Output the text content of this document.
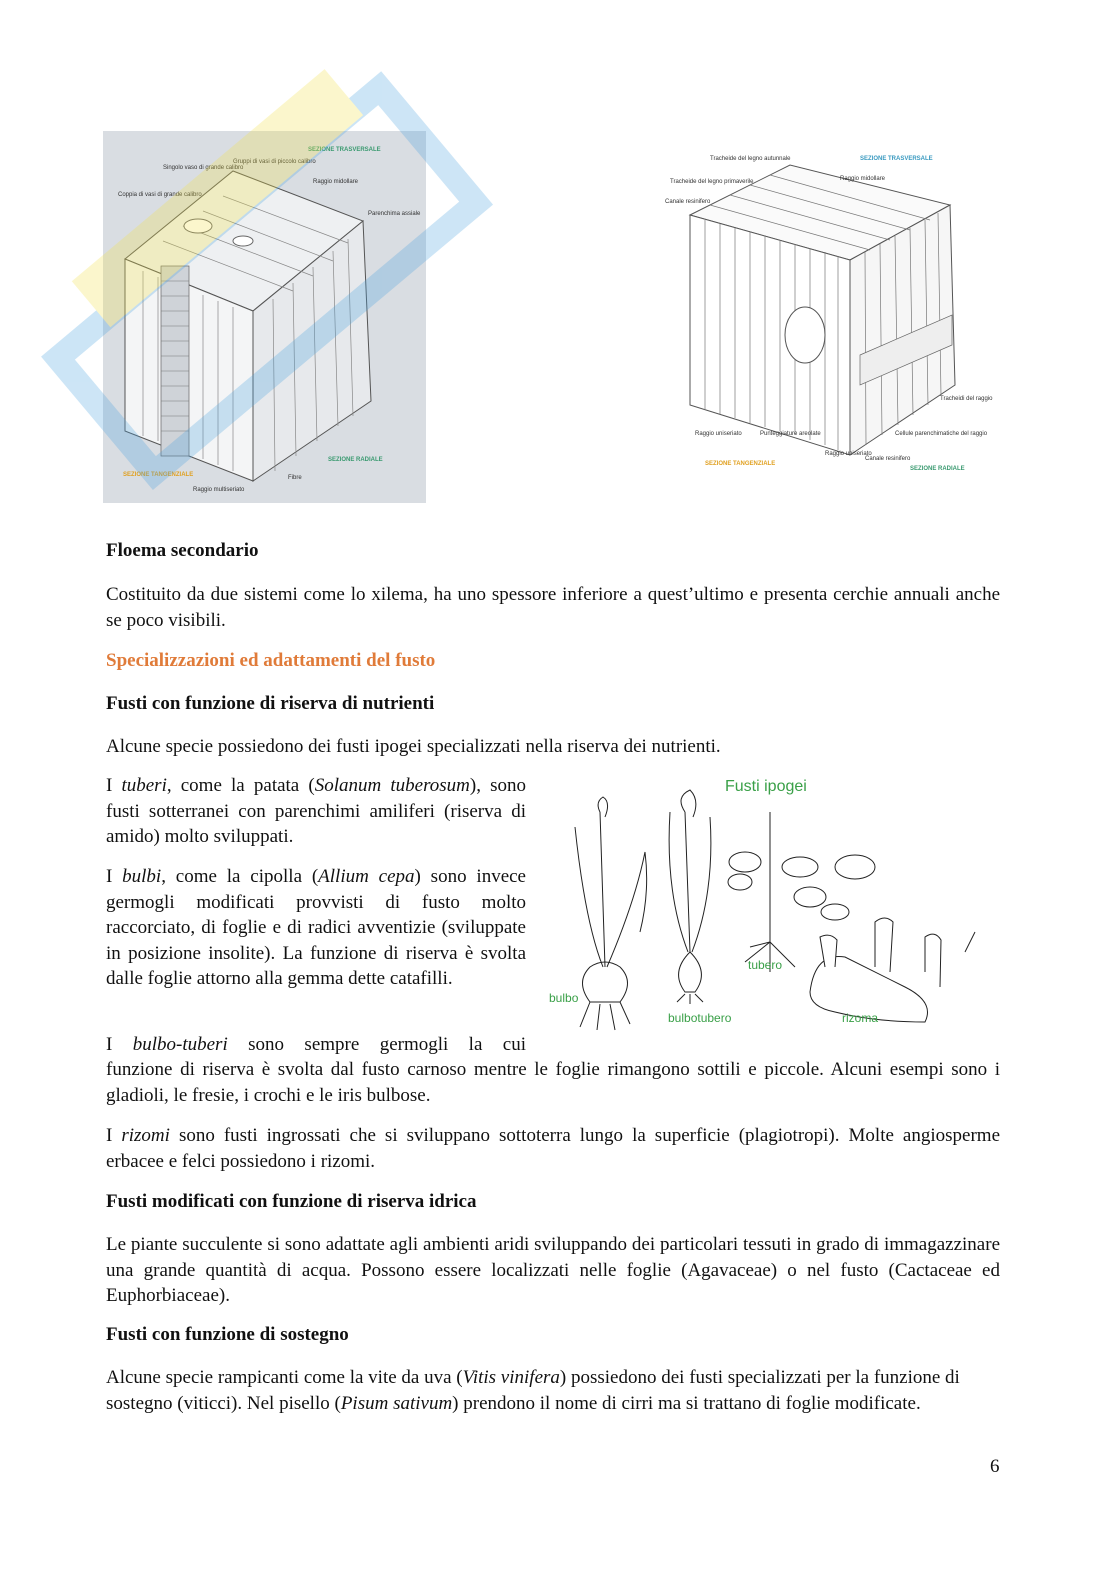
Singolo vaso di grande calibro
Coppia di vasi di grande calibro
Gruppi di vasi di piccolo calibro
Raggio midollare
SEZIONE TRASVERSALE
Parenchima assiale
SEZIONE TANGENZIALE
Raggio multiseriato
Fibre
SEZIONE RADIALE
Tracheide del legno autunnale
Tracheide del legno primaverile
Canale resinifero
SEZIONE TRASVERSALE
Raggio midollare
Raggio uniseriato	Punteggiature areolate
SEZIONE TANGENZIALE
Raggio uniseriato
Canale resinifero
Cellule parenchimatiche del raggio
Tracheidi del raggio
SEZIONE RADIALE
Floema secondario
Costituito da due sistemi come lo xilema, ha uno spessore inferiore a quest’ultimo e presenta cerchie annuali anche se poco visibili.
Specializzazioni ed adattamenti del fusto
Fusti con funzione di riserva di nutrienti
Alcune specie possiedono dei fusti ipogei specializzati nella riserva dei nutrienti.
I tuberi, come la patata (Solanum tuberosum), sono fusti sotterranei con parenchimi amiliferi (riserva di amido) molto sviluppati.
I bulbi, come la cipolla (Allium cepa) sono invece germogli modificati provvisti di fusto molto raccorciato, di foglie e di radici avventizie (sviluppate in posizione insolite). La funzione di riserva è svolta dalle foglie attorno alla gemma dette catafilli.
Fusti ipogei
bulbo
bulbotubero
tubero
rizoma
I bulbo-tuberi sono sempre germogli la cui
funzione di riserva è svolta dal fusto carnoso mentre le foglie rimangono sottili e piccole. Alcuni esempi sono i gladioli, le fresie, i crochi e le iris bulbose.
I rizomi sono fusti ingrossati che si sviluppano sottoterra lungo la superficie (plagiotropi). Molte angiosperme erbacee e felci possiedono i rizomi.
Fusti modificati con funzione di riserva idrica
Le piante succulente si sono adattate agli ambienti aridi sviluppando dei particolari tessuti in grado di immagazzinare una grande quantità di acqua. Possono essere localizzati nelle foglie (Agavaceae) o nel fusto (Cactaceae ed Euphorbiaceae).
Fusti con funzione di sostegno
Alcune specie rampicanti come la vite da uva (Vitis vinifera) possiedono dei fusti specializzati per la funzione di sostegno (viticci). Nel pisello (Pisum sativum) prendono il nome di cirri ma si trattano di foglie modificate.
6
